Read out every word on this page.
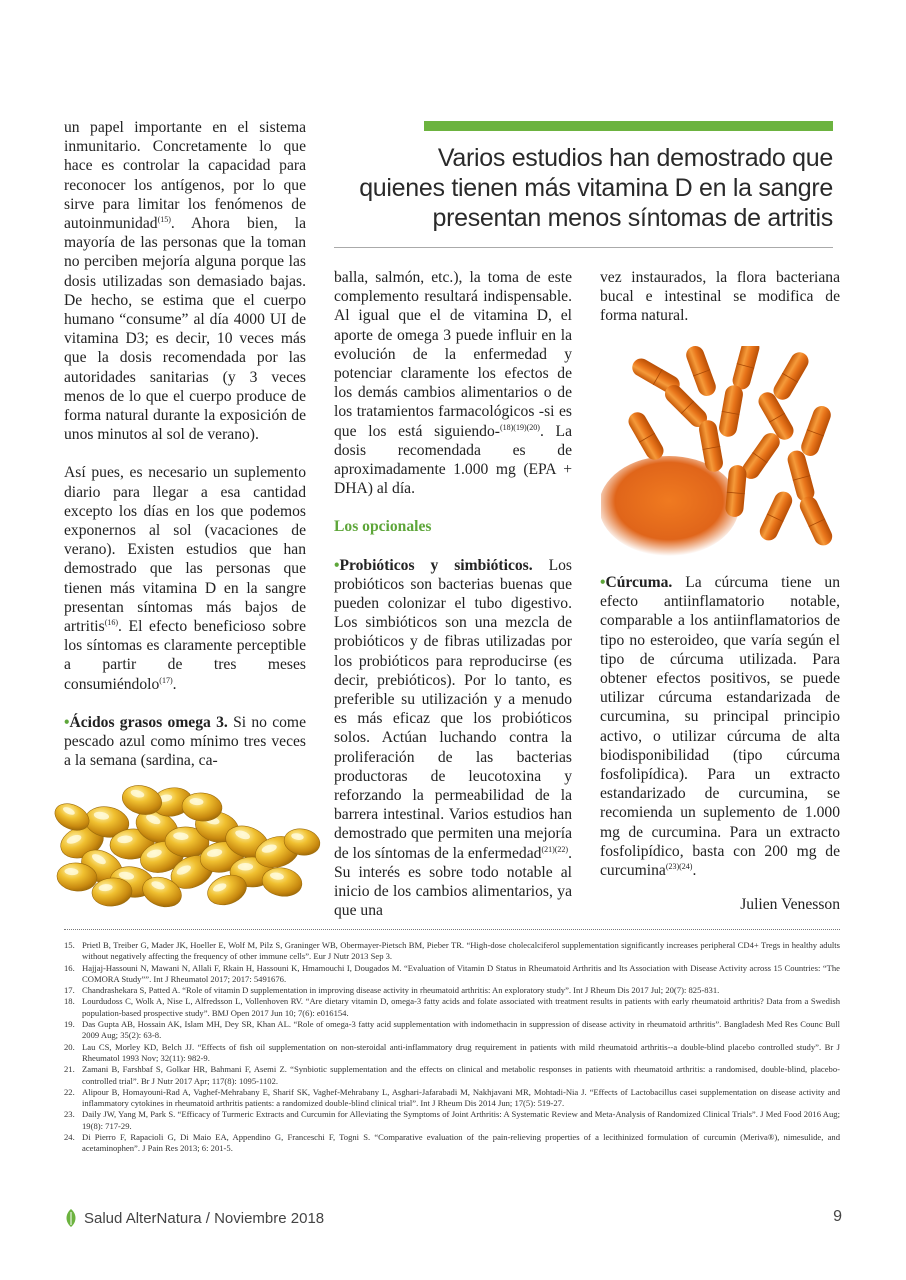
un papel importante en el sistema inmunitario. Concretamente lo que hace es controlar la capacidad para reconocer los antígenos, por lo que sirve para limitar los fenómenos de autoinmunidad$^{(15)}$. Ahora bien, la mayoría de las personas que la toman no perciben mejoría alguna porque las dosis utilizadas son demasiado bajas. De hecho, se estima que el cuerpo humano “consume” al día 4000 UI de vitamina D3; es decir, 10 veces más que la dosis recomendada por las autoridades sanitarias (y 3 veces menos de lo que el cuerpo produce de forma natural durante la exposición de unos minutos al sol de verano).

Así pues, es necesario un suplemento diario para llegar a esa cantidad excepto los días en los que podemos exponernos al sol (vacaciones de verano). Existen estudios que han demostrado que las personas que tienen más vitamina D en la sangre presentan síntomas más bajos de artritis$^{(16)}$. El efecto beneficioso sobre los síntomas es claramente perceptible a partir de tres meses consumiéndolo$^{(17)}$.

•Ácidos grasos omega 3. Si no come pescado azul como mínimo tres veces a la semana (sardina, ca-

Varios estudios han demostrado que
quienes tienen más vitamina D en la sangre
presentan menos síntomas de artritis

balla, salmón, etc.), la toma de este complemento resultará indispensable. Al igual que el de vitamina D, el aporte de omega 3 puede influir en la evolución de la enfermedad y potenciar claramente los efectos de los demás cambios alimentarios o de los tratamientos farmacológicos -si es que los está siguiendo-$^{(18)(19)(20)}$. La dosis recomendada es de aproximadamente 1.000 mg (EPA + DHA) al día.

Los opcionales

•Probióticos y simbióticos. Los probióticos son bacterias buenas que pueden colonizar el tubo digestivo. Los simbióticos son una mezcla de probióticos y de fibras utilizadas por los probióticos para reproducirse (es decir, prebióticos). Por lo tanto, es preferible su utilización y a menudo es más eficaz que los probióticos solos. Actúan luchando contra la proliferación de las bacterias productoras de leucotoxina y reforzando la permeabilidad de la barrera intestinal. Varios estudios han demostrado que permiten una mejoría de los síntomas de la enfermedad$^{(21)(22)}$. Su interés es sobre todo notable al inicio de los cambios alimentarios, ya que una

vez instaurados, la flora bacteriana bucal e intestinal se modifica de forma natural.

•Cúrcuma. La cúrcuma tiene un efecto antiinflamatorio notable, comparable a los antiinflamatorios de tipo no esteroideo, que varía según el tipo de cúrcuma utilizada. Para obtener efectos positivos, se puede utilizar cúrcuma estandarizada de curcumina, su principal principio activo, o utilizar cúrcuma de alta biodisponibilidad (tipo cúrcuma fosfolipídica). Para un extracto estandarizado de curcumina, se recomienda un suplemento de 1.000 mg de curcumina. Para un extracto fosfolipídico, basta con 200 mg de curcumina$^{(23)(24)}$.

Julien Venesson
15. Prietl B, Treiber G, Mader JK, Hoeller E, Wolf M, Pilz S, Graninger WB, Obermayer-Pietsch BM, Pieber TR. “High-dose cholecalciferol supplementation significantly increases peripheral CD4+ Tregs in healthy adults without negatively affecting the frequency of other immune cells”. Eur J Nutr 2013 Sep 3.
16. Hajjaj-Hassouni N, Mawani N, Allali F, Rkain H, Hassouni K, Hmamouchi I, Dougados M. “Evaluation of Vitamin D Status in Rheumatoid Arthritis and Its Association with Disease Activity across 15 Countries: “The COMORA Study””. Int J Rheumatol 2017; 2017: 5491676.
17. Chandrashekara S, Patted A. “Role of vitamin D supplementation in improving disease activity in rheumatoid arthritis: An exploratory study”. Int J Rheum Dis 2017 Jul; 20(7): 825-831.
18. Lourdudoss C, Wolk A, Nise L, Alfredsson L, Vollenhoven RV. “Are dietary vitamin D, omega-3 fatty acids and folate associated with treatment results in patients with early rheumatoid arthritis? Data from a Swedish population-based prospective study”. BMJ Open 2017 Jun 10; 7(6): e016154.
19. Das Gupta AB, Hossain AK, Islam MH, Dey SR, Khan AL. “Role of omega-3 fatty acid supplementation with indomethacin in suppression of disease activity in rheumatoid arthritis”. Bangladesh Med Res Counc Bull 2009 Aug; 35(2): 63-8.
20. Lau CS, Morley KD, Belch JJ. “Effects of fish oil supplementation on non-steroidal anti-inflammatory drug requirement in patients with mild rheumatoid arthritis--a double-blind placebo controlled study”. Br J Rheumatol 1993 Nov; 32(11): 982-9.
21. Zamani B, Farshbaf S, Golkar HR, Bahmani F, Asemi Z. “Synbiotic supplementation and the effects on clinical and metabolic responses in patients with rheumatoid arthritis: a randomised, double-blind, placebo-controlled trial”. Br J Nutr 2017 Apr; 117(8): 1095-1102.
22. Alipour B, Homayouni-Rad A, Vaghef-Mehrabany E, Sharif SK, Vaghef-Mehrabany L, Asghari-Jafarabadi M, Nakhjavani MR, Mohtadi-Nia J. “Effects of Lactobacillus casei supplementation on disease activity and inflammatory cytokines in rheumatoid arthritis patients: a randomized double-blind clinical trial”. Int J Rheum Dis 2014 Jun; 17(5): 519-27.
23. Daily JW, Yang M, Park S. “Efficacy of Turmeric Extracts and Curcumin for Alleviating the Symptoms of Joint Arthritis: A Systematic Review and Meta-Analysis of Randomized Clinical Trials”. J Med Food 2016 Aug; 19(8): 717-29.
24. Di Pierro F, Rapacioli G, Di Maio EA, Appendino G, Franceschi F, Togni S. “Comparative evaluation of the pain-relieving properties of a lecithinized formulation of curcumin (Meriva®), nimesulide, and acetaminophen”. J Pain Res 2013; 6: 201-5.
Salud AlterNatura / Noviembre 2018	9
